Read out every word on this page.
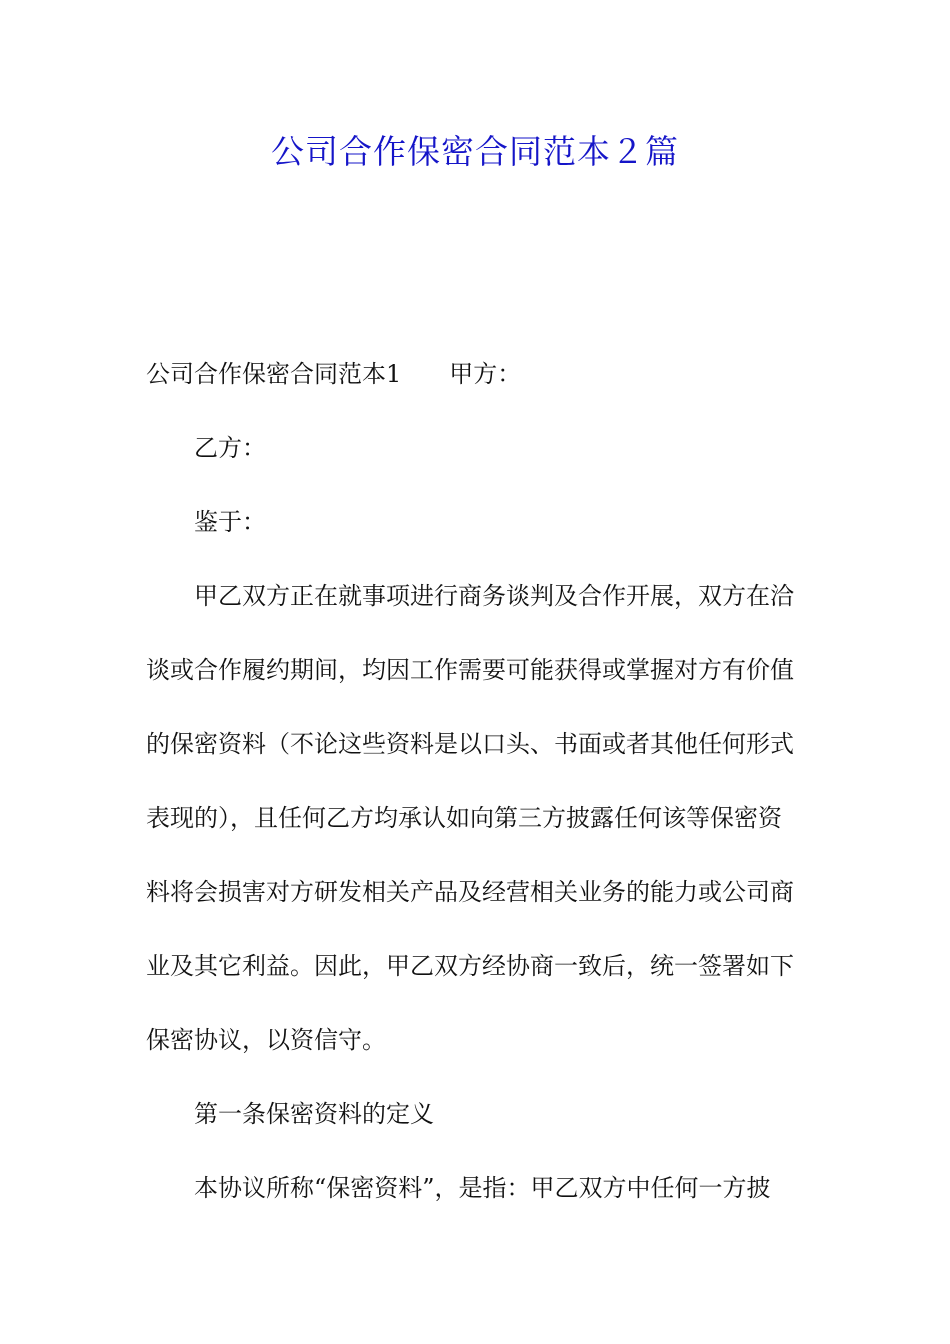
公司合作保密合同范本２篇

公司合作保密合同范本1 甲方：

乙方：

鉴于：

甲乙双方正在就事项进行商务谈判及合作开展，双方在洽

谈或合作履约期间，均因工作需要可能获得或掌握对方有价值

的保密资料（不论这些资料是以口头、书面或者其他任何形式

表现的），且任何乙方均承认如向第三方披露任何该等保密资

料将会损害对方研发相关产品及经营相关业务的能力或公司商

业及其它利益。因此，甲乙双方经协商一致后，统一签署如下

保密协议，以资信守。

第一条保密资料的定义

本协议所称“保密资料”，是指：甲乙双方中任何一方披
